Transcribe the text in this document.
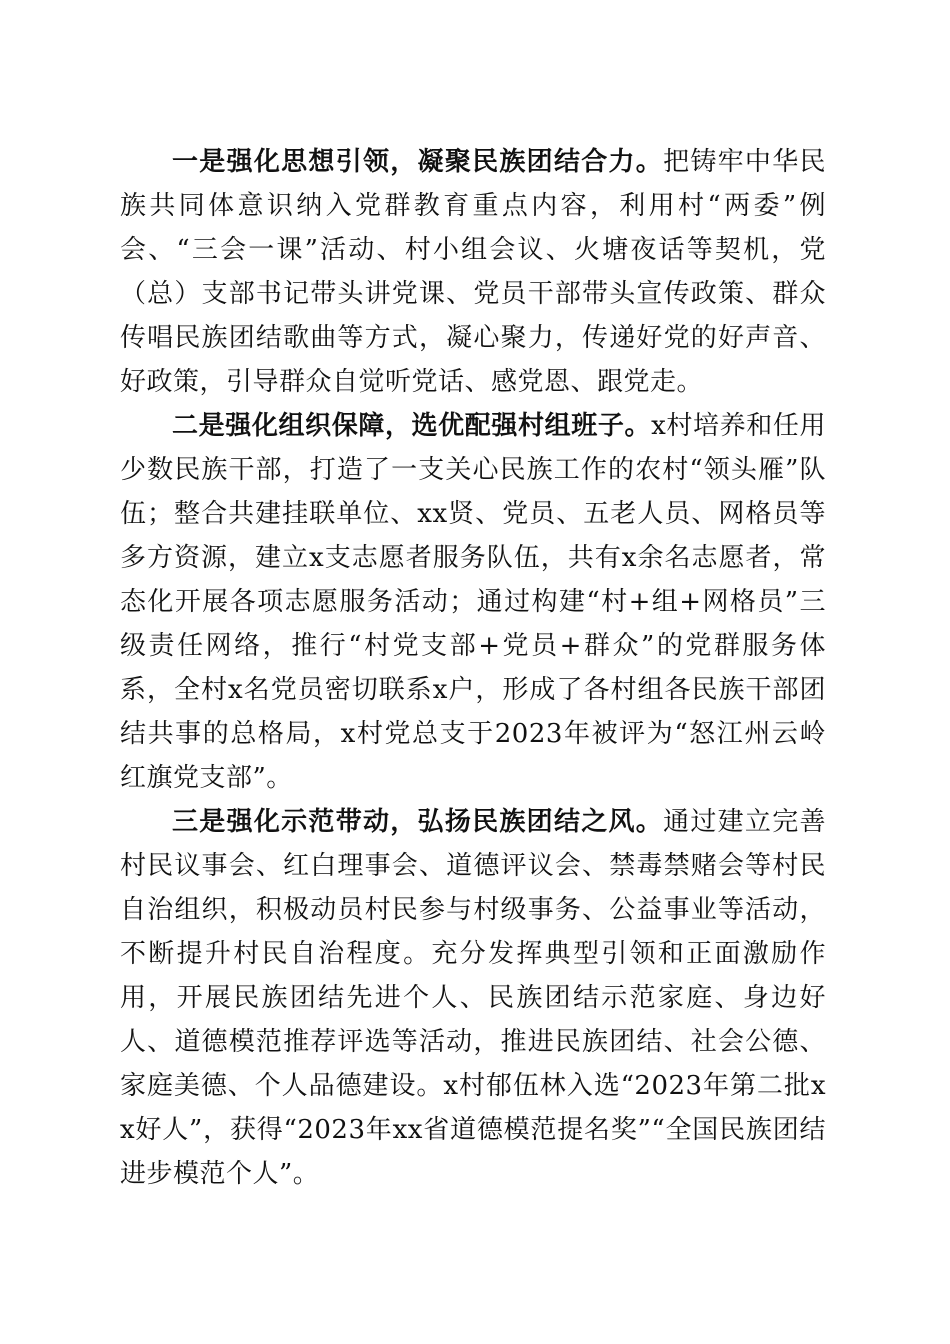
一是强化思想引领，凝聚民族团结合力。把铸牢中华民族共同体意识纳入党群教育重点内容，利用村“两委”例会、“三会一课”活动、村小组会议、火塘夜话等契机，党（总）支部书记带头讲党课、党员干部带头宣传政策、群众传唱民族团结歌曲等方式，凝心聚力，传递好党的好声音、好政策，引导群众自觉听党话、感党恩、跟党走。

二是强化组织保障，选优配强村组班子。x村培养和任用少数民族干部，打造了一支关心民族工作的农村“领头雁”队伍；整合共建挂联单位、xx贤、党员、五老人员、网格员等多方资源，建立x支志愿者服务队伍，共有x余名志愿者，常态化开展各项志愿服务活动；通过构建“村+组+网格员”三级责任网络，推行“村党支部+党员+群众”的党群服务体系，全村x名党员密切联系x户，形成了各村组各民族干部团结共事的总格局，x村党总支于2023年被评为“怒江州云岭红旗党支部”。

三是强化示范带动，弘扬民族团结之风。通过建立完善村民议事会、红白理事会、道德评议会、禁毒禁赌会等村民自治组织，积极动员村民参与村级事务、公益事业等活动，不断提升村民自治程度。充分发挥典型引领和正面激励作用，开展民族团结先进个人、民族团结示范家庭、身边好人、道德模范推荐评选等活动，推进民族团结、社会公德、家庭美德、个人品德建设。x村郁伍林入选“2023年第二批xx好人”，获得“2023年xx省道德模范提名奖”“全国民族团结进步模范个人”。
